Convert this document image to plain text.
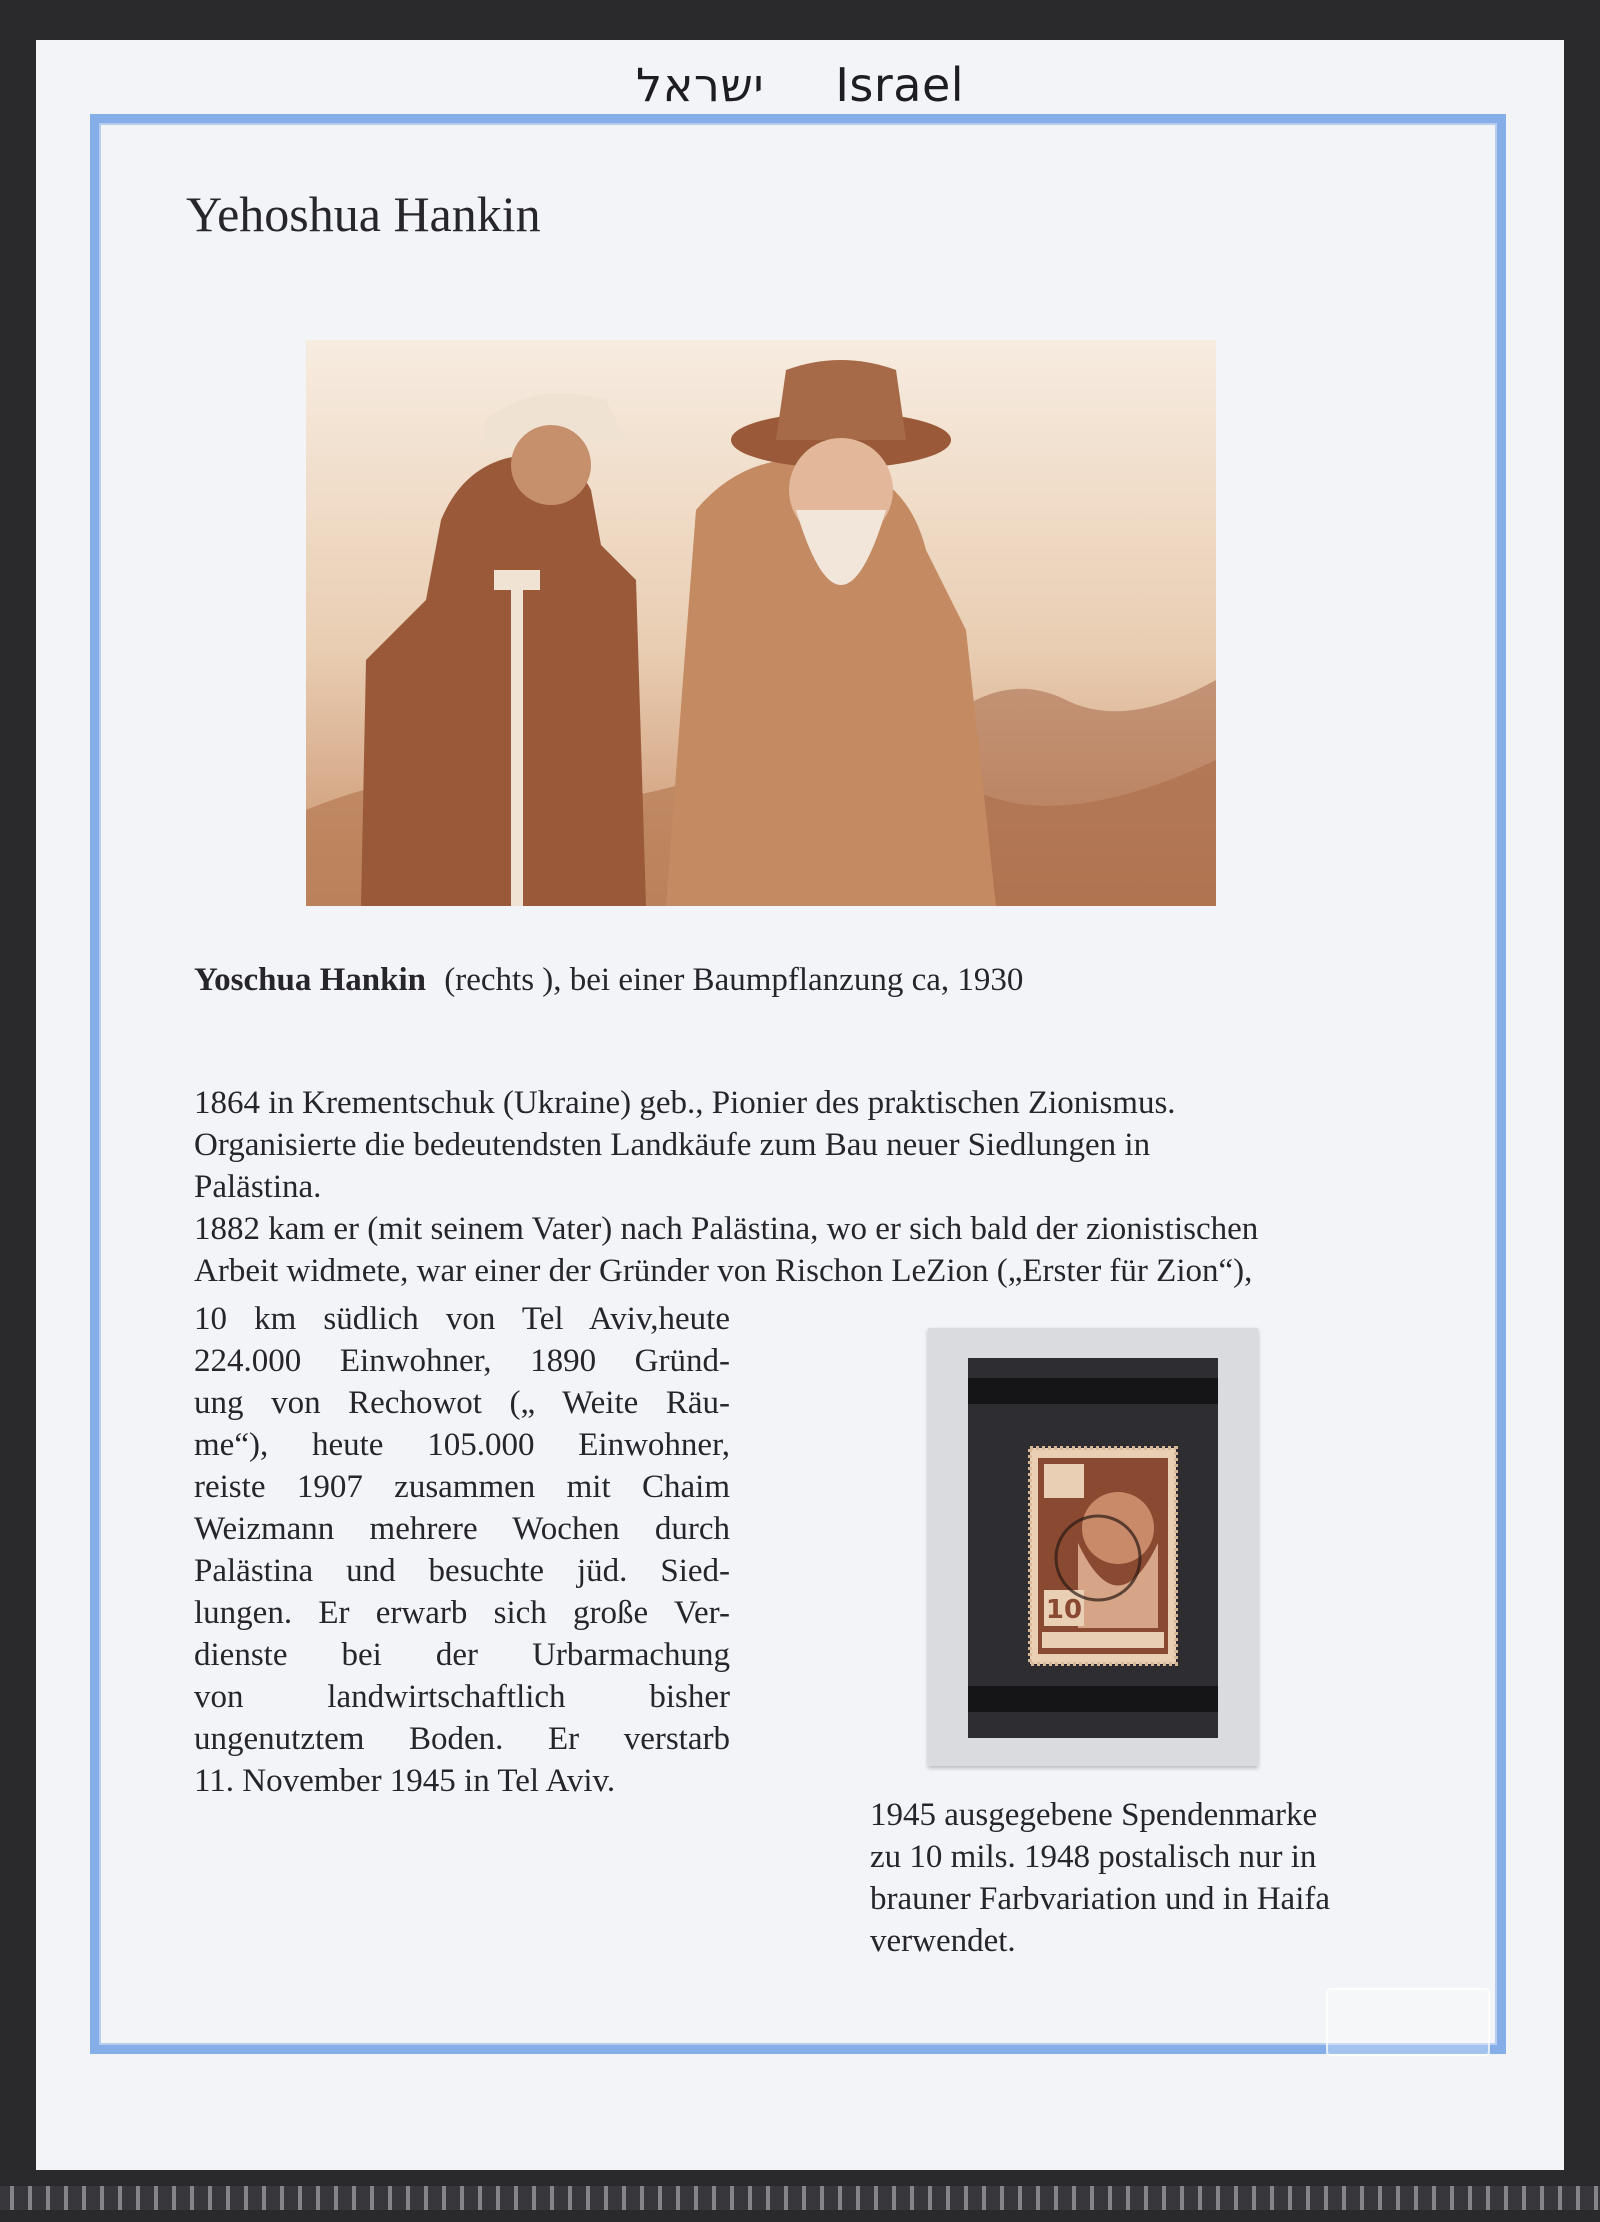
ישראל Israel
Yehoshua Hankin
Yoschua Hankin (rechts ), bei einer Baumpflanzung ca, 1930

1864 in Krementschuk (Ukraine) geb., Pionier des praktischen Zionismus.
Organisierte die bedeutendsten Landkäufe zum Bau neuer Siedlungen in
Palästina.
1882 kam er (mit seinem Vater) nach Palästina, wo er sich bald der zionistischen
Arbeit widmete, war einer der Gründer von Rischon LeZion („Erster für Zion“),

10 km südlich von Tel Aviv,heute
224.000 Einwohner, 1890 Gründ-
ung von Rechowot („ Weite Räu-
me“), heute 105.000 Einwohner,
reiste 1907 zusammen mit Chaim
Weizmann mehrere Wochen durch
Palästina und besuchte jüd. Sied-
lungen. Er erwarb sich große Ver-
dienste bei der Urbarmachung
von landwirtschaftlich bisher
ungenutztem Boden. Er verstarb
11. November 1945 in Tel Aviv.

10

1945 ausgegebene Spendenmarke
zu 10 mils. 1948 postalisch nur in
brauner Farbvariation und in Haifa
verwendet.
